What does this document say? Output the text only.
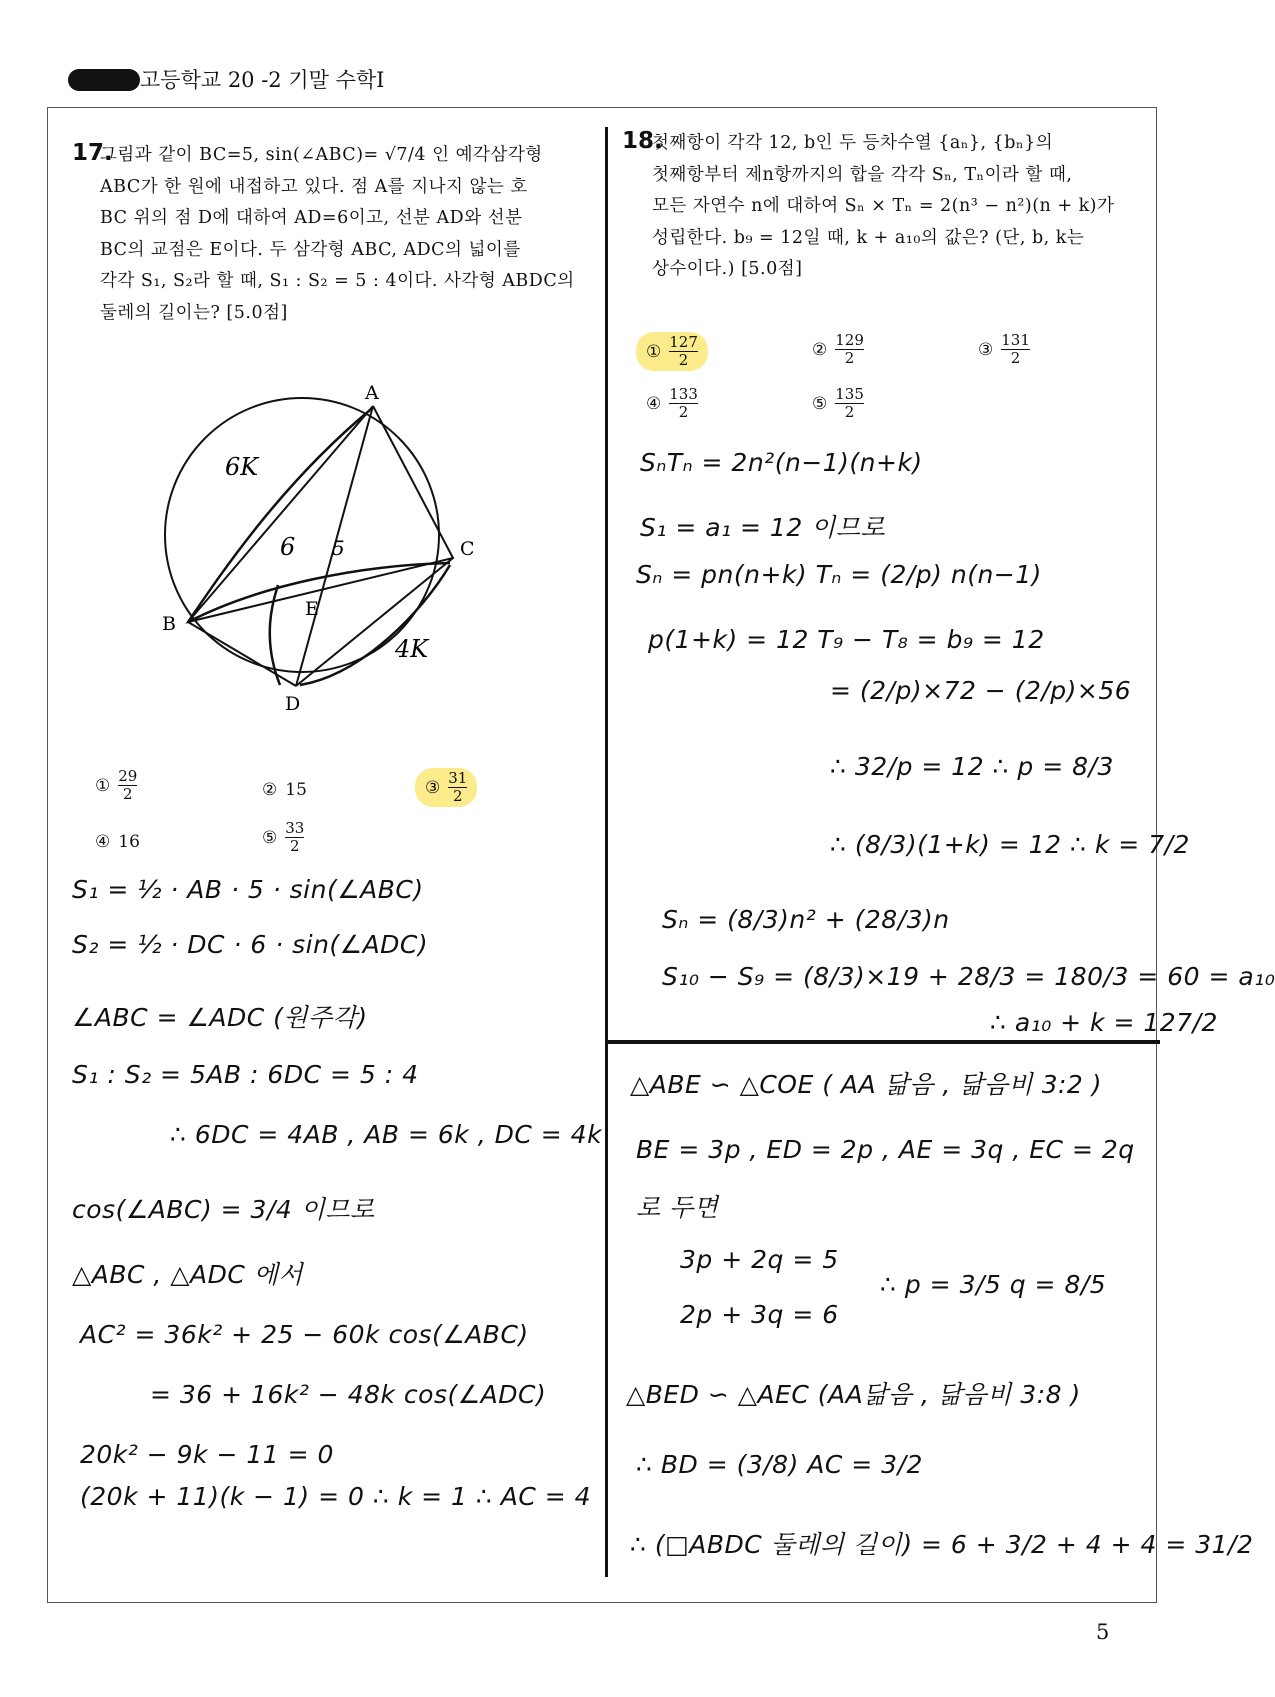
고등학교 20 -2 기말 수학Ⅰ
17.
그림과 같이 BC=5, sin(∠ABC)= √7/4 인 예각삼각형
ABC가 한 원에 내접하고 있다. 점 A를 지나지 않는 호
BC 위의 점 D에 대하여 AD=6이고, 선분 AD와 선분
BC의 교점은 E이다. 두 삼각형 ABC, ADC의 넓이를
각각 S₁, S₂라 할 때, S₁ : S₂ = 5 : 4이다. 사각형 ABDC의
둘레의 길이는? [5.0점]
A
B
C
D
E
6K
6 5
4K
① $\frac{29}{2}$	② 15	③ $\frac{31}{2}$
④ 16	⑤ $\frac{33}{2}$
S₁ = ½ · AB · 5 · sin(∠ABC)
S₂ = ½ · DC · 6 · sin(∠ADC)
∠ABC = ∠ADC (원주각)
S₁ : S₂ = 5AB : 6DC = 5 : 4
∴ 6DC = 4AB , AB = 6k , DC = 4k
cos(∠ABC) = 3/4 이므로
△ABC , △ADC 에서
AC² = 36k² + 25 − 60k cos(∠ABC)
= 36 + 16k² − 48k cos(∠ADC)
20k² − 9k − 11 = 0
(20k + 11)(k − 1) = 0 ∴ k = 1 ∴ AC = 4
18.
첫째항이 각각 12, b인 두 등차수열 {aₙ}, {bₙ}의
첫째항부터 제n항까지의 합을 각각 Sₙ, Tₙ이라 할 때,
모든 자연수 n에 대하여 Sₙ × Tₙ = 2(n³ − n²)(n + k)가
성립한다. b₉ = 12일 때, k + a₁₀의 값은? (단, b, k는
상수이다.) [5.0점]
① $\frac{127}{2}$	② $\frac{129}{2}$	③ $\frac{131}{2}$
④ $\frac{133}{2}$	⑤ $\frac{135}{2}$
SₙTₙ = 2n²(n−1)(n+k)
S₁ = a₁ = 12 이므로
Sₙ = pn(n+k) Tₙ = (2/p) n(n−1)
p(1+k) = 12 T₉ − T₈ = b₉ = 12
= (2/p)×72 − (2/p)×56
∴ 32/p = 12 ∴ p = 8/3
∴ (8/3)(1+k) = 12 ∴ k = 7/2
Sₙ = (8/3)n² + (28/3)n
S₁₀ − S₉ = (8/3)×19 + 28/3 = 180/3 = 60 = a₁₀
∴ a₁₀ + k = 127/2
△ABE ∽ △COE ( AA 닮음 , 닮음비 3:2 )
BE = 3p , ED = 2p , AE = 3q , EC = 2q
로 두면
3p + 2q = 5
2p + 3q = 6
∴ p = 3/5 q = 8/5
△BED ∽ △AEC (AA닮음 , 닮음비 3:8 )
∴ BD = (3/8) AC = 3/2
∴ (□ABDC 둘레의 길이) = 6 + 3/2 + 4 + 4 = 31/2
5
